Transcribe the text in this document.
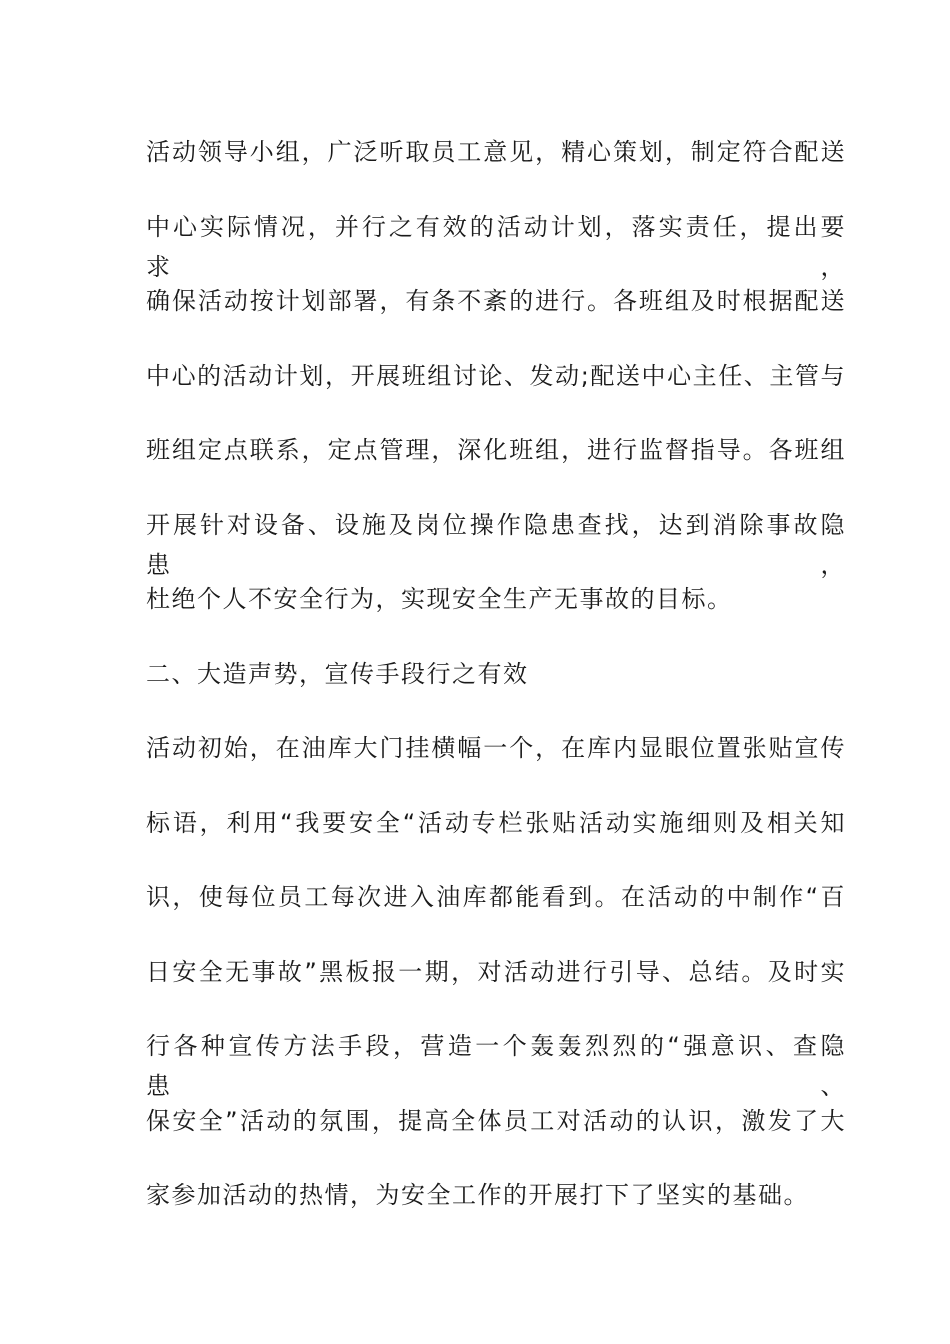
活动领导小组，广泛听取员工意见，精心策划，制定符合配送
中心实际情况，并行之有效的活动计划，落实责任，提出要求，
确保活动按计划部署，有条不紊的进行。各班组及时根据配送
中心的活动计划，开展班组讨论、发动;配送中心主任、主管与
班组定点联系，定点管理，深化班组，进行监督指导。各班组
开展针对设备、设施及岗位操作隐患查找，达到消除事故隐患，
杜绝个人不安全行为，实现安全生产无事故的目标。
二、大造声势，宣传手段行之有效
活动初始，在油库大门挂横幅一个，在库内显眼位置张贴宣传
标语，利用“我要安全“活动专栏张贴活动实施细则及相关知
识，使每位员工每次进入油库都能看到。在活动的中制作“百
日安全无事故”黑板报一期，对活动进行引导、总结。及时实
行各种宣传方法手段，营造一个轰轰烈烈的“强意识、查隐患、
保安全”活动的氛围，提高全体员工对活动的认识，激发了大
家参加活动的热情，为安全工作的开展打下了坚实的基础。
